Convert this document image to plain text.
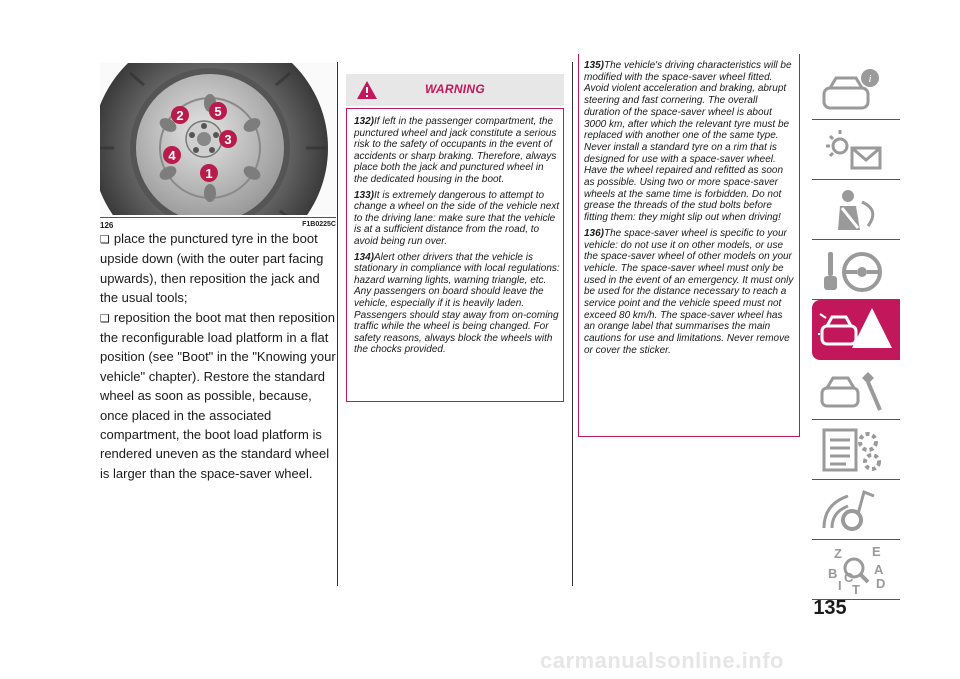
1
2
3
4
5
126	F1B0225C

❑ place the punctured tyre in the boot upside down (with the outer part facing upwards), then reposition the jack and the usual tools;

❑ reposition the boot mat then reposition the reconfigurable load platform in a flat position (see "Boot" in the "Knowing your vehicle" chapter). Restore the standard wheel as soon as possible, because, once placed in the associated compartment, the boot load platform is rendered uneven as the standard wheel is larger than the space-saver wheel.

WARNING

132)If left in the passenger compartment, the punctured wheel and jack constitute a serious risk to the safety of occupants in the event of accidents or sharp braking. Therefore, always place both the jack and punctured wheel in the dedicated housing in the boot.

133)It is extremely dangerous to attempt to change a wheel on the side of the vehicle next to the driving lane: make sure that the vehicle is at a sufficient distance from the road, to avoid being run over.

134)Alert other drivers that the vehicle is stationary in compliance with local regulations: hazard warning lights, warning triangle, etc. Any passengers on board should leave the vehicle, especially if it is heavily laden. Passengers should stay away from on-coming traffic while the wheel is being changed. For safety reasons, always block the wheels with the chocks provided.

135)The vehicle's driving characteristics will be modified with the space-saver wheel fitted. Avoid violent acceleration and braking, abrupt steering and fast cornering. The overall duration of the space-saver wheel is about 3000 km, after which the relevant tyre must be replaced with another one of the same type. Never install a standard tyre on a rim that is designed for use with a space-saver wheel. Have the wheel repaired and refitted as soon as possible. Using two or more space-saver wheels at the same time is forbidden. Do not grease the threads of the stud bolts before fitting them: they might slip out when driving!

136)The space-saver wheel is specific to your vehicle: do not use it on other models, or use the space-saver wheel of other models on your vehicle. The space-saver wheel must only be used in the event of an emergency. It must only be used for the distance necessary to reach a service point and the vehicle speed must not exceed 80 km/h. The space-saver wheel has an orange label that summarises the main cautions for use and limitations. Never remove or cover the sticker.

i
Z E
B	A
C D
T
I
135
carmanualsonline.info
